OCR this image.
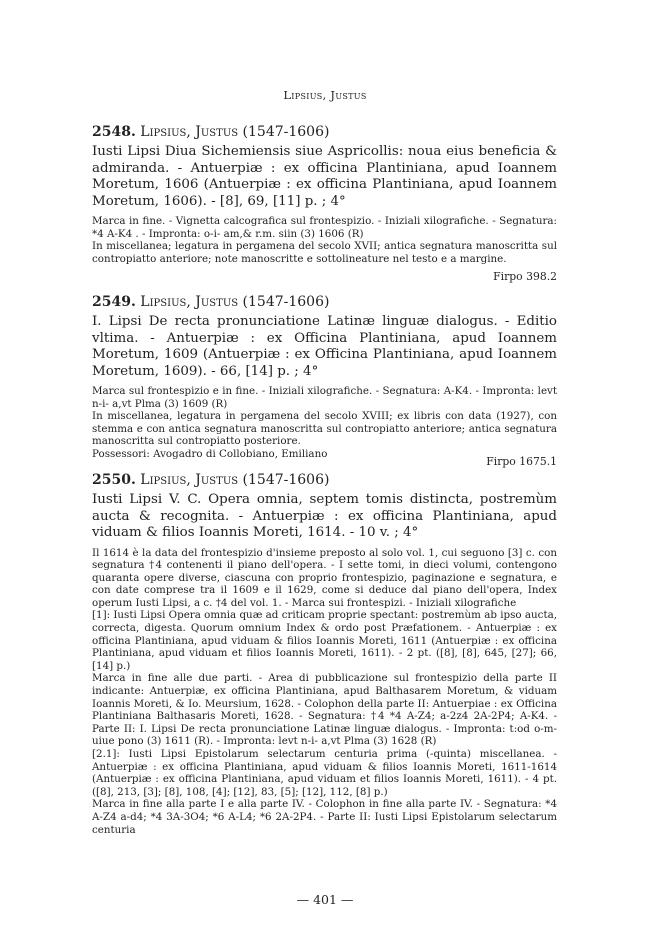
Lipsius, Justus
2548. Lipsius, Justus (1547-1606)
Iusti Lipsi Diua Sichemiensis siue Aspricollis: noua eius beneficia & admiranda. - Antuerpiæ : ex officina Plantiniana, apud Ioannem Moretum, 1606 (Antuerpiæ : ex officina Plantiniana, apud Ioannem Moretum, 1606). - [8], 69, [11] p. ; 4°

Marca in fine. - Vignetta calcografica sul frontespizio. - Iniziali xilografiche. - Segnatura: *4 A-K4 . - Impronta: o-i- am,& r.m. siin (3) 1606 (R)

In miscellanea; legatura in pergamena del secolo XVII; antica segnatura manoscritta sul contropiatto anteriore; note manoscritte e sottolineature nel testo e a margine.

Firpo 398.2
2549. Lipsius, Justus (1547-1606)
I. Lipsi De recta pronunciatione Latinæ linguæ dialogus. - Editio vltima. - Antuerpiæ : ex Officina Plantiniana, apud Ioannem Moretum, 1609 (Antuerpiæ : ex Officina Plantiniana, apud Ioannem Moretum, 1609). - 66, [14] p. ; 4°

Marca sul frontespizio e in fine. - Iniziali xilografiche. - Segnatura: A-K4. - Impronta: levt n-i- a,vt Plma (3) 1609 (R)

In miscellanea, legatura in pergamena del secolo XVIII; ex libris con data (1927), con stemma e con antica segnatura manoscritta sul contropiatto anteriore; antica segnatura manoscritta sul contropiatto posteriore.

Possessori: Avogadro di Collobiano, Emiliano

Firpo 1675.1
2550. Lipsius, Justus (1547-1606)
Iusti Lipsi V. C. Opera omnia, septem tomis distincta, postremùm aucta & recognita. - Antuerpiæ : ex officina Plantiniana, apud viduam & filios Ioannis Moreti, 1614. - 10 v. ; 4°

Il 1614 è la data del frontespizio d'insieme preposto al solo vol. 1, cui seguono [3] c. con segnatura †4 contenenti il piano dell'opera. - I sette tomi, in dieci volumi, contengono quaranta opere diverse, ciascuna con proprio frontespizio, paginazione e segnatura, e con date comprese tra il 1609 e il 1629, come si deduce dal piano dell'opera, Index operum Iusti Lipsi, a c. †4 del vol. 1. - Marca sui frontespizi. - Iniziali xilografiche

[1]: Iusti Lipsi Opera omnia quæ ad criticam proprie spectant: postremùm ab ipso aucta, correcta, digesta. Quorum omnium Index & ordo post Præfationem. - Antuerpiæ : ex officina Plantiniana, apud viduam & filios Ioannis Moreti, 1611 (Antuerpiæ : ex officina Plantiniana, apud viduam et filios Ioannis Moreti, 1611). - 2 pt. ([8], [8], 645, [27]; 66, [14] p.)

Marca in fine alle due parti. - Area di pubblicazione sul frontespizio della parte II indicante: Antuerpiæ, ex officina Plantiniana, apud Balthasarem Moretum, & viduam Ioannis Moreti, & Io. Meursium, 1628. - Colophon della parte II: Antuerpiae : ex Officina Plantiniana Balthasaris Moreti, 1628. - Segnatura: †4 *4 A-Z4; a-2z4 2A-2P4; A-K4. - Parte II: I. Lipsi De recta pronunciatione Latinæ linguæ dialogus. - Impronta: t:od o-m- uiue pono (3) 1611 (R). - Impronta: levt n-i- a,vt Plma (3) 1628 (R)

[2.1]: Iusti Lipsi Epistolarum selectarum centuria prima (-quinta) miscellanea. - Antuerpiæ : ex officina Plantiniana, apud viduam & filios Ioannis Moreti, 1611-1614 (Antuerpiæ : ex officina Plantiniana, apud viduam et filios Ioannis Moreti, 1611). - 4 pt. ([8], 213, [3]; [8], 108, [4]; [12], 83, [5]; [12], 112, [8] p.)

Marca in fine alla parte I e alla parte IV. - Colophon in fine alla parte IV. - Segnatura: *4 A-Z4 a-d4; *4 3A-3O4; *6 A-L4; *6 2A-2P4. - Parte II: Iusti Lipsi Epistolarum selectarum centuria

— 401 —
